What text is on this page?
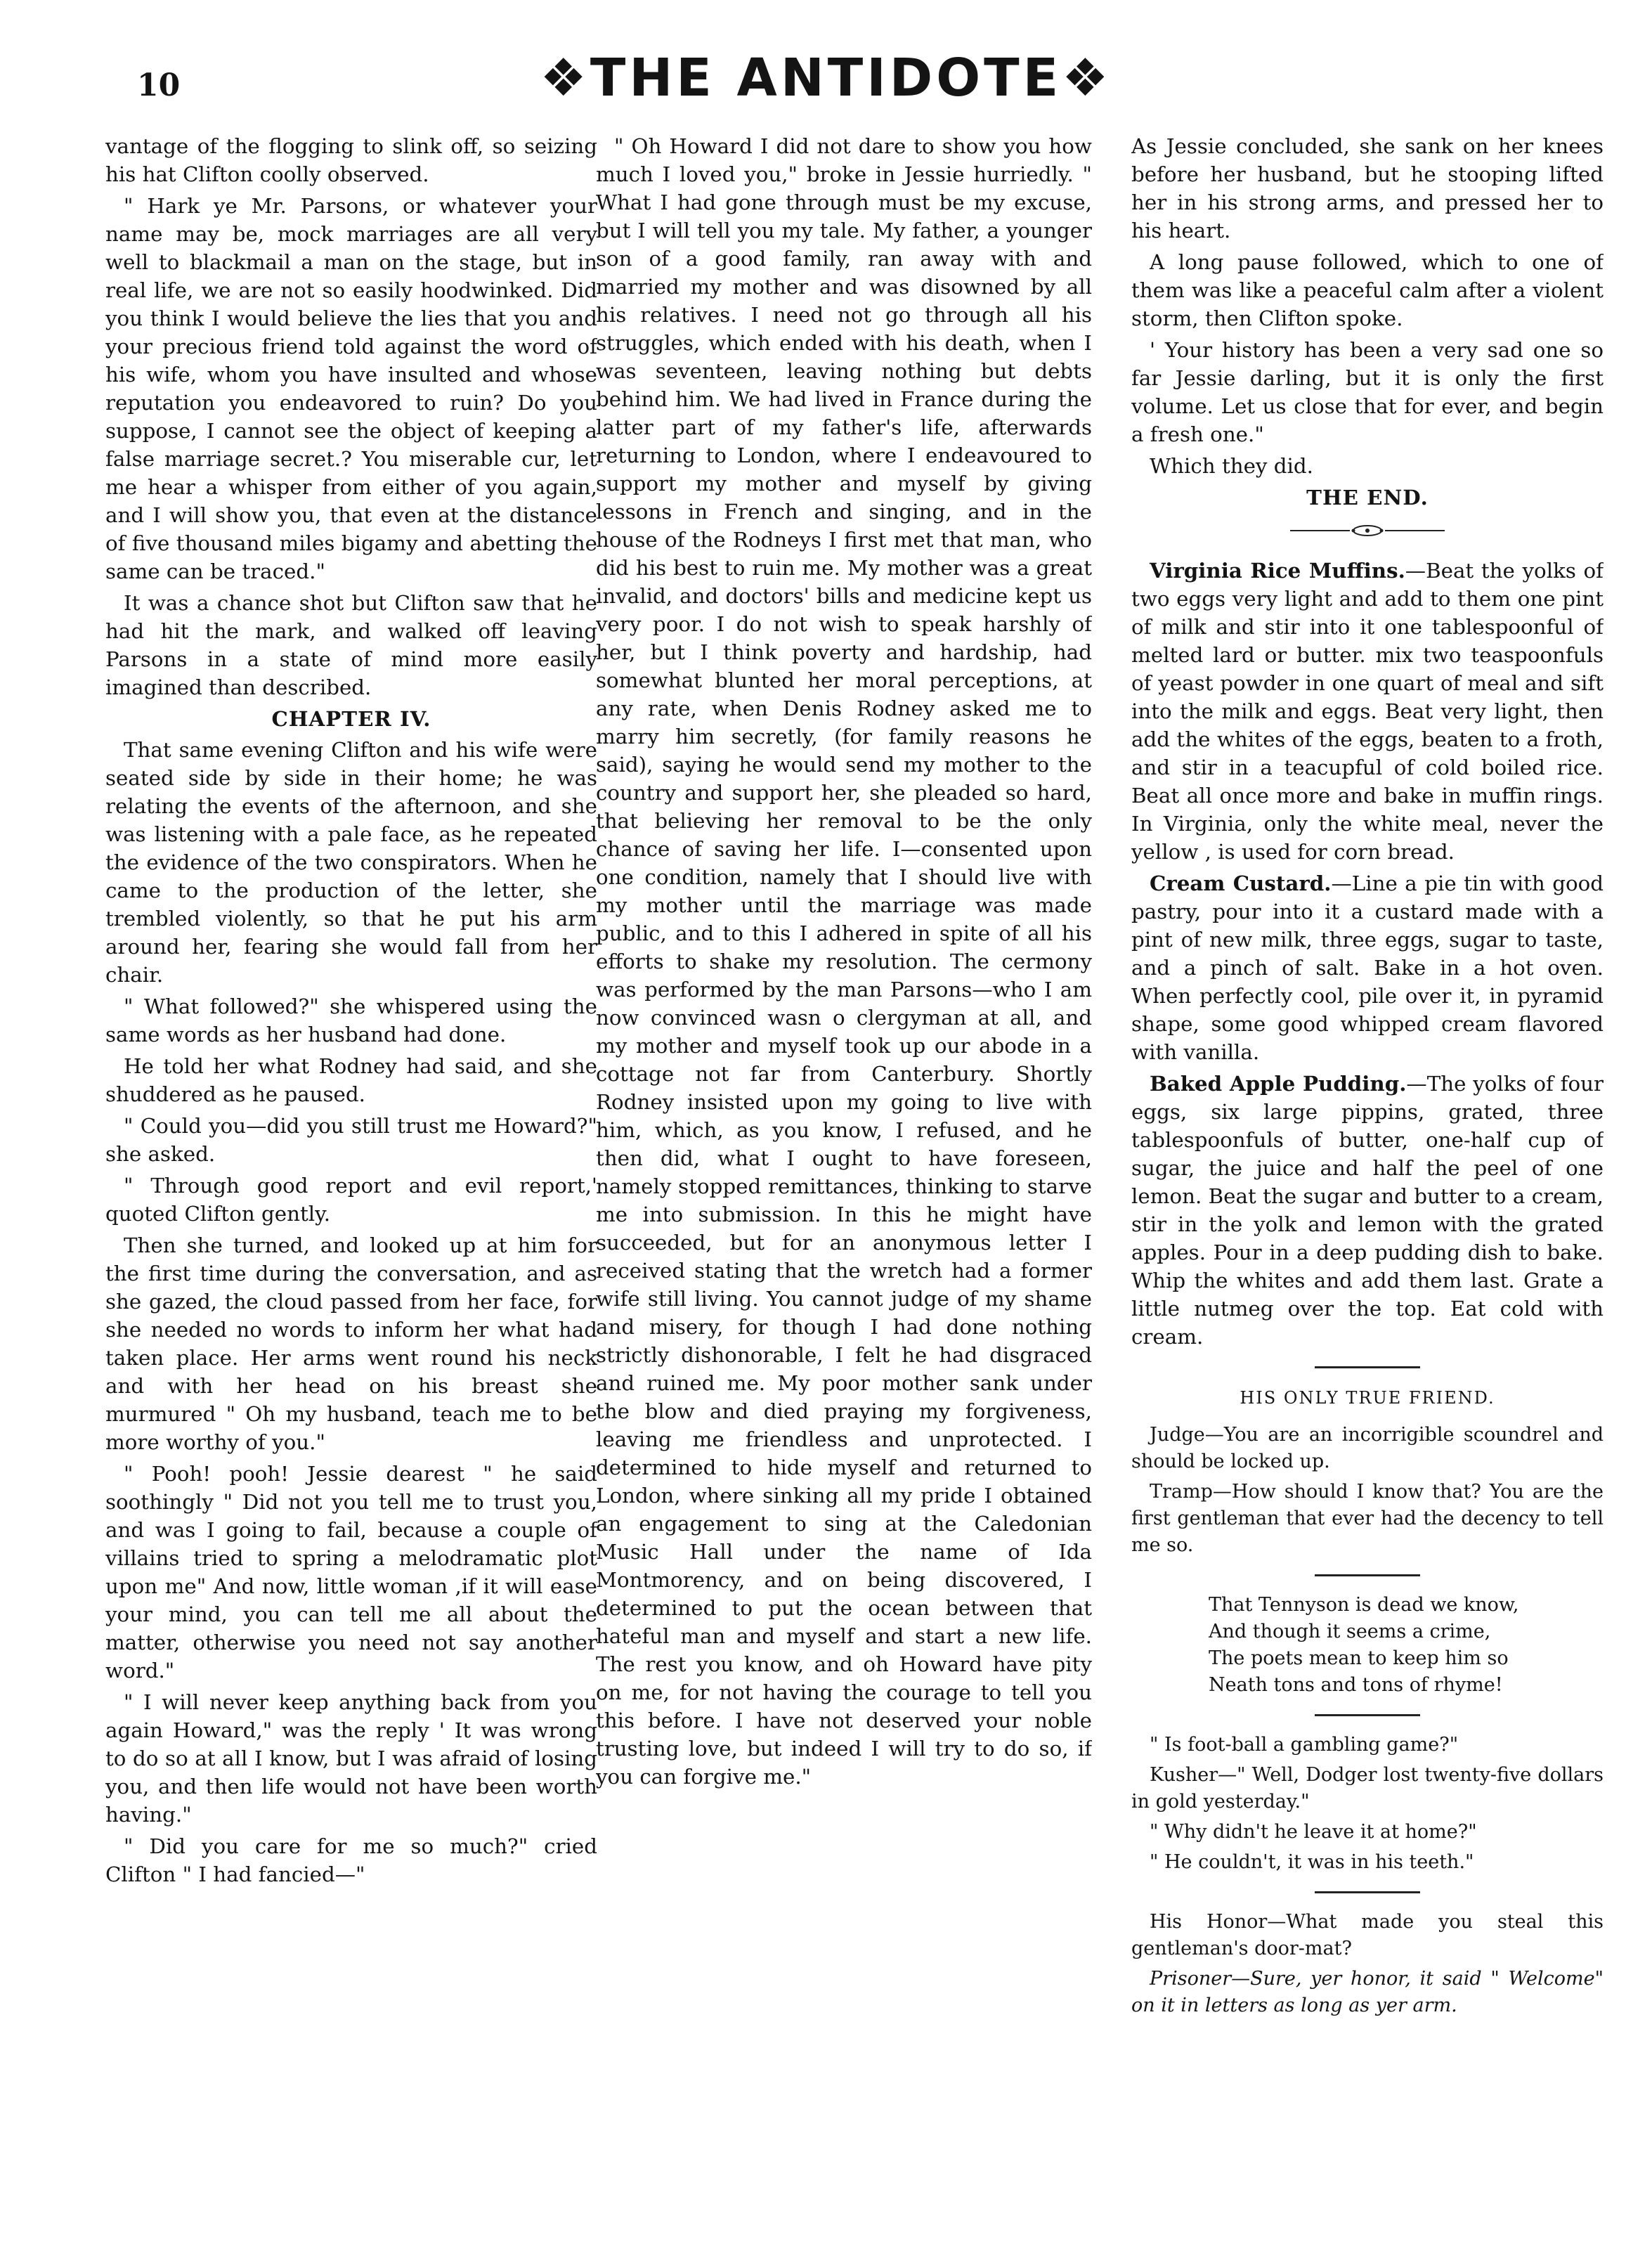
10	❖THE ANTIDOTE❖

vantage of the flogging to slink off, so seizing his hat Clifton coolly observed.

" Hark ye Mr. Parsons, or whatever your name may be, mock marriages are all very well to blackmail a man on the stage, but in real life, we are not so easily hoodwinked. Did you think I would believe the lies that you and your precious friend told against the word of his wife, whom you have insulted and whose reputation you endeavored to ruin? Do you suppose, I cannot see the object of keeping a false marriage secret.? You miserable cur, let me hear a whisper from either of you again, and I will show you, that even at the distance of five thousand miles bigamy and abetting the same can be traced."

It was a chance shot but Clifton saw that he had hit the mark, and walked off leaving Parsons in a state of mind more easily imagined than described.

CHAPTER IV.

That same evening Clifton and his wife were seated side by side in their home; he was relating the events of the afternoon, and she was listening with a pale face, as he repeated the evidence of the two conspirators. When he came to the production of the letter, she trembled violently, so that he put his arm around her, fearing she would fall from her chair.

" What followed?" she whispered using the same words as her husband had done.

He told her what Rodney had said, and she shuddered as he paused.

" Could you—did you still trust me Howard?" she asked.

" Through good report and evil report,' quoted Clifton gently.

Then she turned, and looked up at him for the first time during the conversation, and as she gazed, the cloud passed from her face, for she needed no words to inform her what had taken place. Her arms went round his neck and with her head on his breast she murmured " Oh my husband, teach me to be more worthy of you."

" Pooh! pooh! Jessie dearest " he said soothingly " Did not you tell me to trust you, and was I going to fail, because a couple of villains tried to spring a melodramatic plot upon me" And now, little woman ,if it will ease your mind, you can tell me all about the matter, otherwise you need not say another word."

" I will never keep anything back from you again Howard," was the reply ' It was wrong to do so at all I know, but I was afraid of losing you, and then life would not have been worth having."

" Did you care for me so much?" cried Clifton " I had fancied—"

" Oh Howard I did not dare to show you how much I loved you," broke in Jessie hurriedly. " What I had gone through must be my excuse, but I will tell you my tale. My father, a younger son of a good family, ran away with and married my mother and was disowned by all his relatives. I need not go through all his struggles, which ended with his death, when I was seventeen, leaving nothing but debts behind him. We had lived in France during the latter part of my father's life, afterwards returning to London, where I endeavoured to support my mother and myself by giving lessons in French and singing, and in the house of the Rodneys I first met that man, who did his best to ruin me. My mother was a great invalid, and doctors' bills and medicine kept us very poor. I do not wish to speak harshly of her, but I think poverty and hardship, had somewhat blunted her moral perceptions, at any rate, when Denis Rodney asked me to marry him secretly, (for family reasons he said), saying he would send my mother to the country and support her, she pleaded so hard, that believing her removal to be the only chance of saving her life. I—consented upon one condition, namely that I should live with my mother until the marriage was made public, and to this I adhered in spite of all his efforts to shake my resolution. The cermony was performed by the man Parsons—who I am now convinced wasn o clergyman at all, and my mother and myself took up our abode in a cottage not far from Canterbury. Shortly Rodney insisted upon my going to live with him, which, as you know, I refused, and he then did, what I ought to have foreseen, namely stopped remittances, thinking to starve me into submission. In this he might have succeeded, but for an anonymous letter I received stating that the wretch had a former wife still living. You cannot judge of my shame and misery, for though I had done nothing strictly dishonorable, I felt he had disgraced and ruined me. My poor mother sank under the blow and died praying my forgiveness, leaving me friendless and unprotected. I determined to hide myself and returned to London, where sinking all my pride I obtained an engagement to sing at the Caledonian Music Hall under the name of Ida Montmorency, and on being discovered, I determined to put the ocean between that hateful man and myself and start a new life. The rest you know, and oh Howard have pity on me, for not having the courage to tell you this before. I have not deserved your noble trusting love, but indeed I will try to do so, if you can forgive me."

As Jessie concluded, she sank on her knees before her husband, but he stooping lifted her in his strong arms, and pressed her to his heart.

A long pause followed, which to one of them was like a peaceful calm after a violent storm, then Clifton spoke.

' Your history has been a very sad one so far Jessie darling, but it is only the first volume. Let us close that for ever, and begin a fresh one."

Which they did.

THE END.

Virginia Rice Muffins.—Beat the yolks of two eggs very light and add to them one pint of milk and stir into it one tablespoonful of melted lard or butter. mix two teaspoonfuls of yeast powder in one quart of meal and sift into the milk and eggs. Beat very light, then add the whites of the eggs, beaten to a froth, and stir in a teacupful of cold boiled rice. Beat all once more and bake in muffin rings. In Virginia, only the white meal, never the yellow , is used for corn bread.

Cream Custard.—Line a pie tin with good pastry, pour into it a custard made with a pint of new milk, three eggs, sugar to taste, and a pinch of salt. Bake in a hot oven. When perfectly cool, pile over it, in pyramid shape, some good whipped cream flavored with vanilla.

Baked Apple Pudding.—The yolks of four eggs, six large pippins, grated, three tablespoonfuls of butter, one-half cup of sugar, the juice and half the peel of one lemon. Beat the sugar and butter to a cream, stir in the yolk and lemon with the grated apples. Pour in a deep pudding dish to bake. Whip the whites and add them last. Grate a little nutmeg over the top. Eat cold with cream.

HIS ONLY TRUE FRIEND.

Judge—You are an incorrigible scoundrel and should be locked up.

Tramp—How should I know that? You are the first gentleman that ever had the decency to tell me so.

That Tennyson is dead we know,
And though it seems a crime,
The poets mean to keep him so
Neath tons and tons of rhyme!

" Is foot-ball a gambling game?"

Kusher—" Well, Dodger lost twenty-five dollars in gold yesterday."

" Why didn't he leave it at home?"

" He couldn't, it was in his teeth."

His Honor—What made you steal this gentleman's door-mat?

Prisoner—Sure, yer honor, it said " Welcome" on it in letters as long as yer arm.
